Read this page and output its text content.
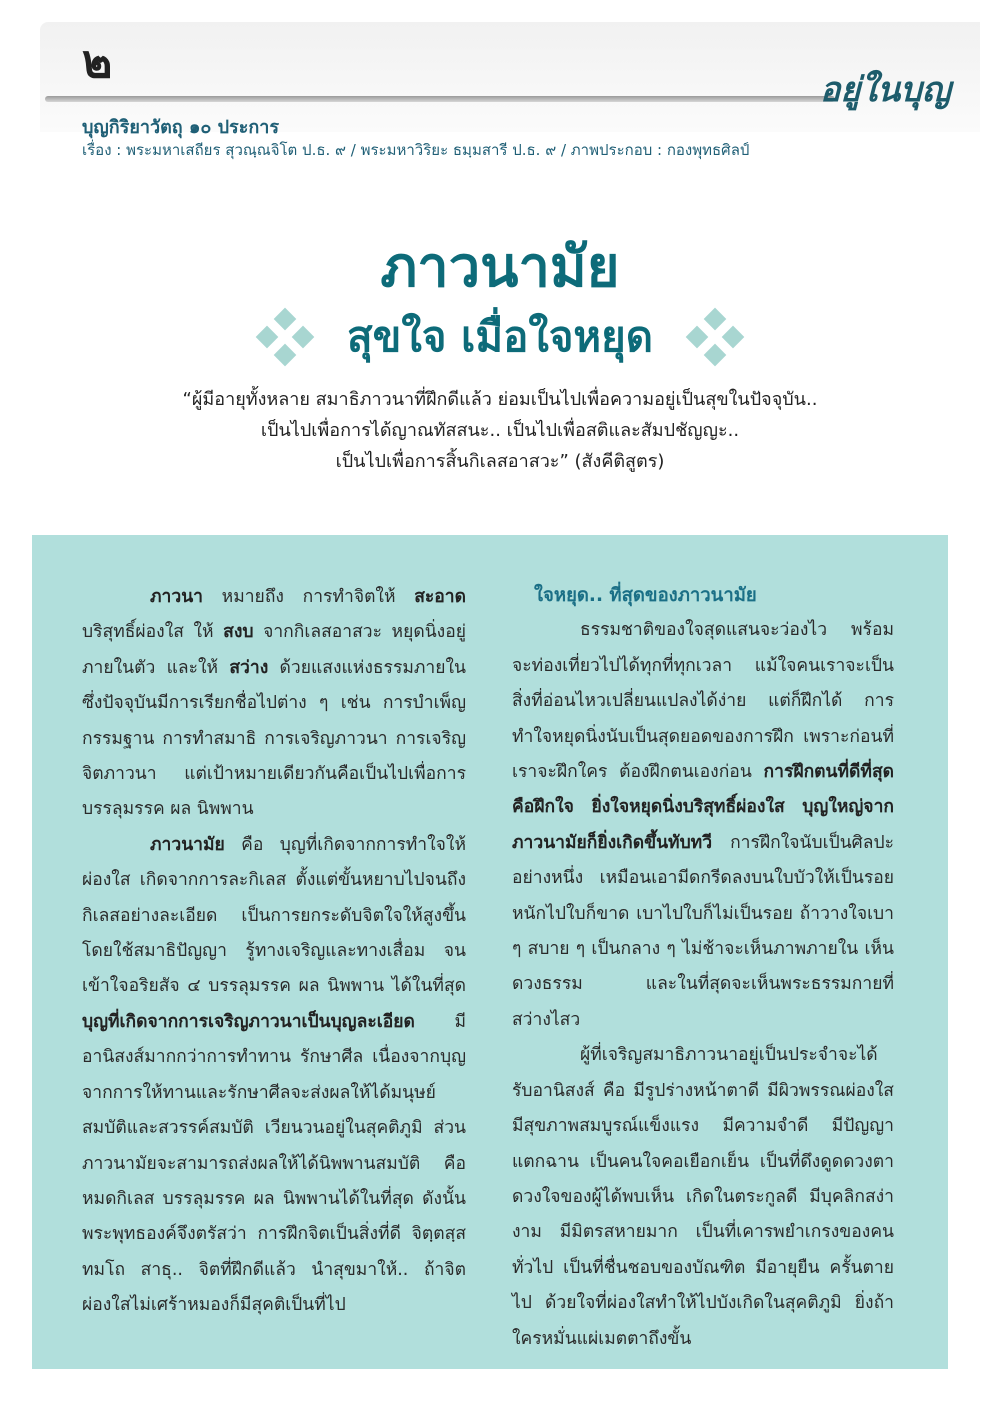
๒
อยู่ในบุญ
บุญกิริยาวัตถุ ๑๐ ประการ
เรื่อง : พระมหาเสถียร สุวณฺณจิโต ป.ธ. ๙ / พระมหาวิริยะ ธมฺมสารี ป.ธ. ๙ / ภาพประกอบ : กองพุทธศิลป์
ภาวนามัย
สุขใจ เมื่อใจหยุด
“ผู้มีอายุทั้งหลาย สมาธิภาวนาที่ฝึกดีแล้ว ย่อมเป็นไปเพื่อความอยู่เป็นสุขในปัจจุบัน..
เป็นไปเพื่อการได้ญาณทัสสนะ.. เป็นไปเพื่อสติและสัมปชัญญะ..
เป็นไปเพื่อการสิ้นกิเลสอาสวะ” (สังคีติสูตร)

ภาวนา หมายถึง การทำจิตให้ สะอาด บริสุทธิ์ผ่องใส ให้ สงบ จากกิเลสอาสวะ หยุดนิ่งอยู่ภายในตัว และให้ สว่าง ด้วยแสงแห่งธรรมภายใน ซึ่งปัจจุบันมีการเรียกชื่อไปต่าง ๆ เช่น การบำเพ็ญกรรมฐาน การทำสมาธิ การเจริญภาวนา การเจริญจิตภาวนา แต่เป้าหมายเดียวกันคือเป็นไปเพื่อการบรรลุมรรค ผล นิพพาน

ภาวนามัย คือ บุญที่เกิดจากการทำใจให้ผ่องใส เกิดจากการละกิเลส ตั้งแต่ขั้นหยาบไปจนถึงกิเลสอย่างละเอียด เป็นการยกระดับจิตใจให้สูงขึ้นโดยใช้สมาธิปัญญา รู้ทางเจริญและทางเสื่อม จนเข้าใจอริยสัจ ๔ บรรลุมรรค ผล นิพพาน ได้ในที่สุด บุญที่เกิดจากการเจริญภาวนาเป็นบุญละเอียด มีอานิสงส์มากกว่าการทำทาน รักษาศีล เนื่องจากบุญจากการให้ทานและรักษาศีลจะส่งผลให้ได้มนุษย์สมบัติและสวรรค์สมบัติ เวียนวนอยู่ในสุคติภูมิ ส่วนภาวนามัยจะสามารถส่งผลให้ได้นิพพานสมบัติ คือ หมดกิเลส บรรลุมรรค ผล นิพพานได้ในที่สุด ดังนั้นพระพุทธองค์จึงตรัสว่า การฝึกจิตเป็นสิ่งที่ดี จิตฺตสฺส ทมโถ สาธุ.. จิตที่ฝึกดีแล้ว นำสุขมาให้.. ถ้าจิตผ่องใสไม่เศร้าหมองก็มีสุคติเป็นที่ไป

ใจหยุด.. ที่สุดของภาวนามัย

ธรรมชาติของใจสุดแสนจะว่องไว พร้อมจะท่องเที่ยวไปได้ทุกที่ทุกเวลา แม้ใจคนเราจะเป็นสิ่งที่อ่อนไหวเปลี่ยนแปลงได้ง่าย แต่ก็ฝึกได้ การทำใจหยุดนิ่งนับเป็นสุดยอดของการฝึก เพราะก่อนที่เราจะฝึกใคร ต้องฝึกตนเองก่อน การฝึกตนที่ดีที่สุดคือฝึกใจ ยิ่งใจหยุดนิ่งบริสุทธิ์ผ่องใส บุญใหญ่จากภาวนามัยก็ยิ่งเกิดขึ้นทับทวี การฝึกใจนับเป็นศิลปะอย่างหนึ่ง เหมือนเอามีดกรีดลงบนใบบัวให้เป็นรอย หนักไปใบก็ขาด เบาไปใบก็ไม่เป็นรอย ถ้าวางใจเบา ๆ สบาย ๆ เป็นกลาง ๆ ไม่ช้าจะเห็นภาพภายใน เห็นดวงธรรม และในที่สุดจะเห็นพระธรรมกายที่สว่างไสว

ผู้ที่เจริญสมาธิภาวนาอยู่เป็นประจำจะได้รับอานิสงส์ คือ มีรูปร่างหน้าตาดี มีผิวพรรณผ่องใส มีสุขภาพสมบูรณ์แข็งแรง มีความจำดี มีปัญญาแตกฉาน เป็นคนใจคอเยือกเย็น เป็นที่ดึงดูดดวงตาดวงใจของผู้ได้พบเห็น เกิดในตระกูลดี มีบุคลิกสง่างาม มีมิตรสหายมาก เป็นที่เคารพยำเกรงของคนทั่วไป เป็นที่ชื่นชอบของบัณฑิต มีอายุยืน ครั้นตายไป ด้วยใจที่ผ่องใสทำให้ไปบังเกิดในสุคติภูมิ ยิ่งถ้าใครหมั่นแผ่เมตตาถึงขั้น
